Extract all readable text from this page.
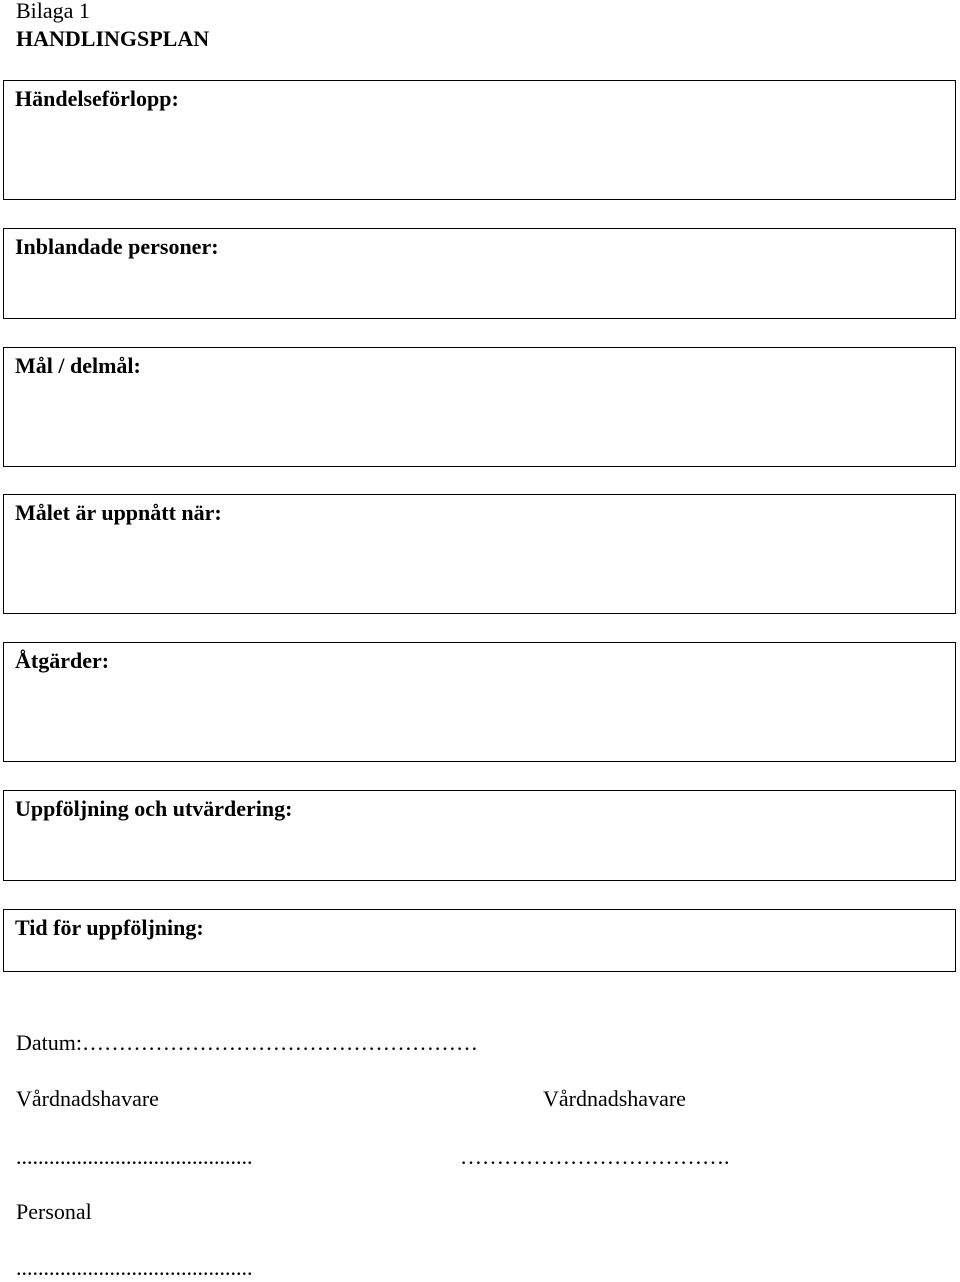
Bilaga 1
HANDLINGSPLAN
Händelseförlopp:
Inblandade personer:
Mål / delmål:
Målet är uppnått när:
Åtgärder:
Uppföljning och utvärdering:
Tid för uppföljning:
Datum:………………………………………………
Vårdnadshavare	Vårdnadshavare
...........................................	……………………………….
Personal
...........................................
